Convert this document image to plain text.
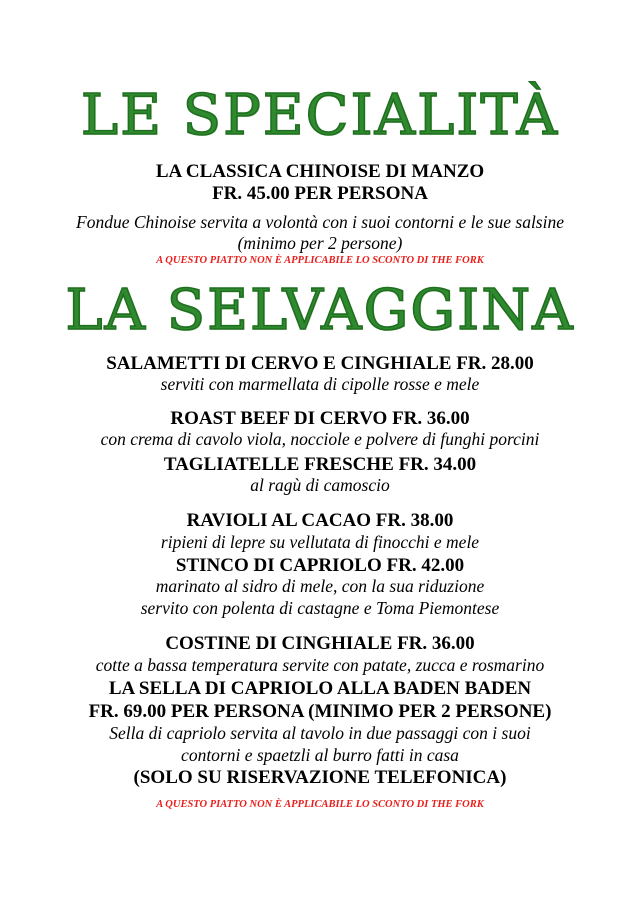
LE SPECIALITÀ
LA CLASSICA CHINOISE DI MANZO
FR. 45.00 PER PERSONA
Fondue Chinoise servita a volontà con i suoi contorni e le sue salsine
(minimo per 2 persone)
A QUESTO PIATTO NON È APPLICABILE LO SCONTO DI THE FORK
LA SELVAGGINA
SALAMETTI DI CERVO E CINGHIALE FR. 28.00
serviti con marmellata di cipolle rosse e mele
ROAST BEEF DI CERVO FR. 36.00
con crema di cavolo viola, nocciole e polvere di funghi porcini
TAGLIATELLE FRESCHE FR. 34.00
al ragù di camoscio
RAVIOLI AL CACAO FR. 38.00
ripieni di lepre su vellutata di finocchi e mele
STINCO DI CAPRIOLO FR. 42.00
marinato al sidro di mele, con la sua riduzione
servito con polenta di castagne e Toma Piemontese
COSTINE DI CINGHIALE FR. 36.00
cotte a bassa temperatura servite con patate, zucca e rosmarino
LA SELLA DI CAPRIOLO ALLA BADEN BADEN
FR. 69.00 PER PERSONA (MINIMO PER 2 PERSONE)
Sella di capriolo servita al tavolo in due passaggi con i suoi
contorni e spaetzli al burro fatti in casa
(SOLO SU RISERVAZIONE TELEFONICA)
A QUESTO PIATTO NON È APPLICABILE LO SCONTO DI THE FORK
